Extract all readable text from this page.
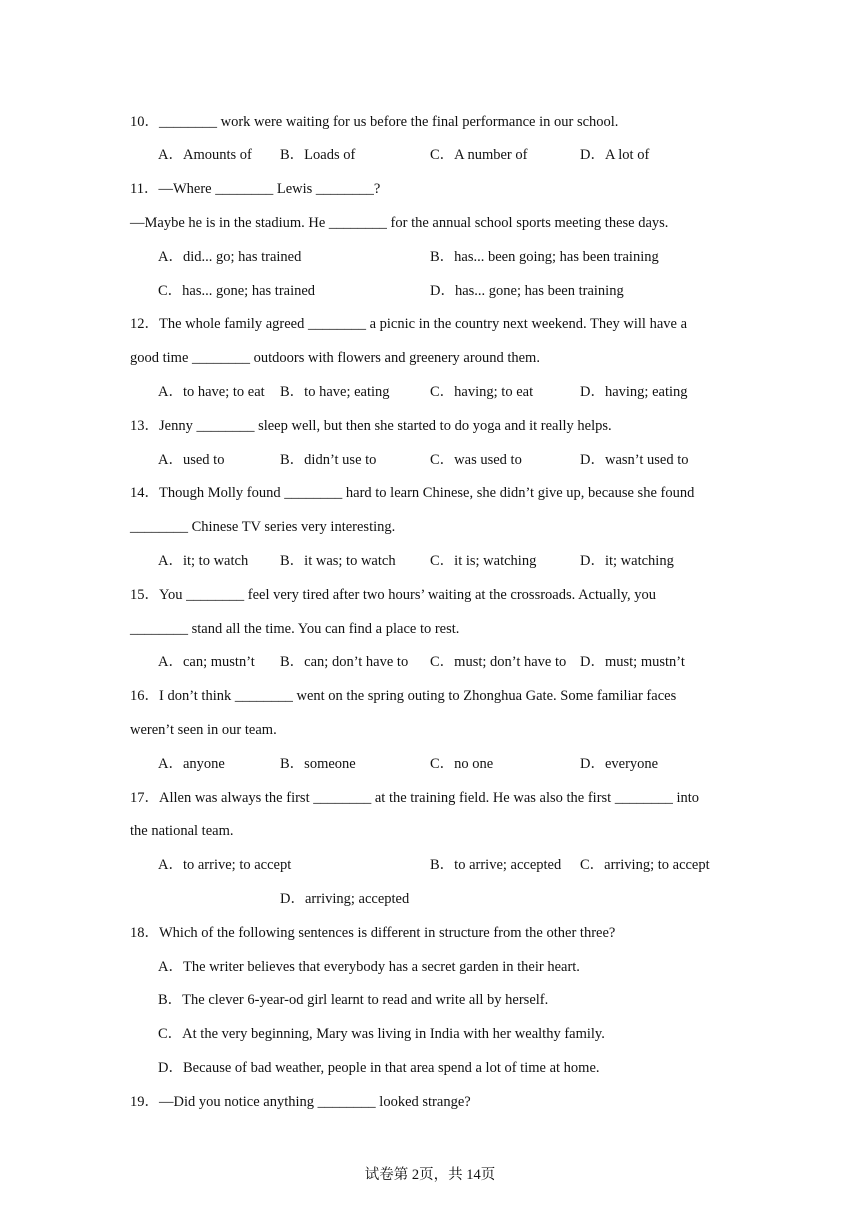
10．________ work were waiting for us before the final performance in our school.
A．Amounts of B．Loads of	C．A number of	D．A lot of
11．—Where ________ Lewis ________?
—Maybe he is in the stadium. He ________ for the annual school sports meeting these days.
A．did... go; has trained	B．has... been going; has been training
C．has... gone; has trained	D．has... gone; has been training
12．The whole family agreed ________ a picnic in the country next weekend. They will have a
good time ________ outdoors with flowers and greenery around them.
A．to have; to eat B．to have; eating	C．having; to eat	D．having; eating
13．Jenny ________ sleep well, but then she started to do yoga and it really helps.
A．used to	B．didn’t use to	C．was used to	D．wasn’t used to
14．Though Molly found ________ hard to learn Chinese, she didn’t give up, because she found
________ Chinese TV series very interesting.
A．it; to watch B．it was; to watch C．it is; watching	D．it; watching
15．You ________ feel very tired after two hours’ waiting at the crossroads. Actually, you
________ stand all the time. You can find a place to rest.
A．can; mustn’t B．can; don’t have to C．must; don’t have to D．must; mustn’t
16．I don’t think ________ went on the spring outing to Zhonghua Gate. Some familiar faces
weren’t seen in our team.
A．anyone	B．someone	C．no one	D．everyone
17．Allen was always the first ________ at the training field. He was also the first ________ into
the national team.
A．to arrive; to accept	B．to arrive; accepted C．arriving; to accept
D．arriving; accepted
18．Which of the following sentences is different in structure from the other three?
A．The writer believes that everybody has a secret garden in their heart.
B．The clever 6-year-od girl learnt to read and write all by herself.
C．At the very beginning, Mary was living in India with her wealthy family.
D．Because of bad weather, people in that area spend a lot of time at home.
19．—Did you notice anything ________ looked strange?
试卷第 2页，共 14页
